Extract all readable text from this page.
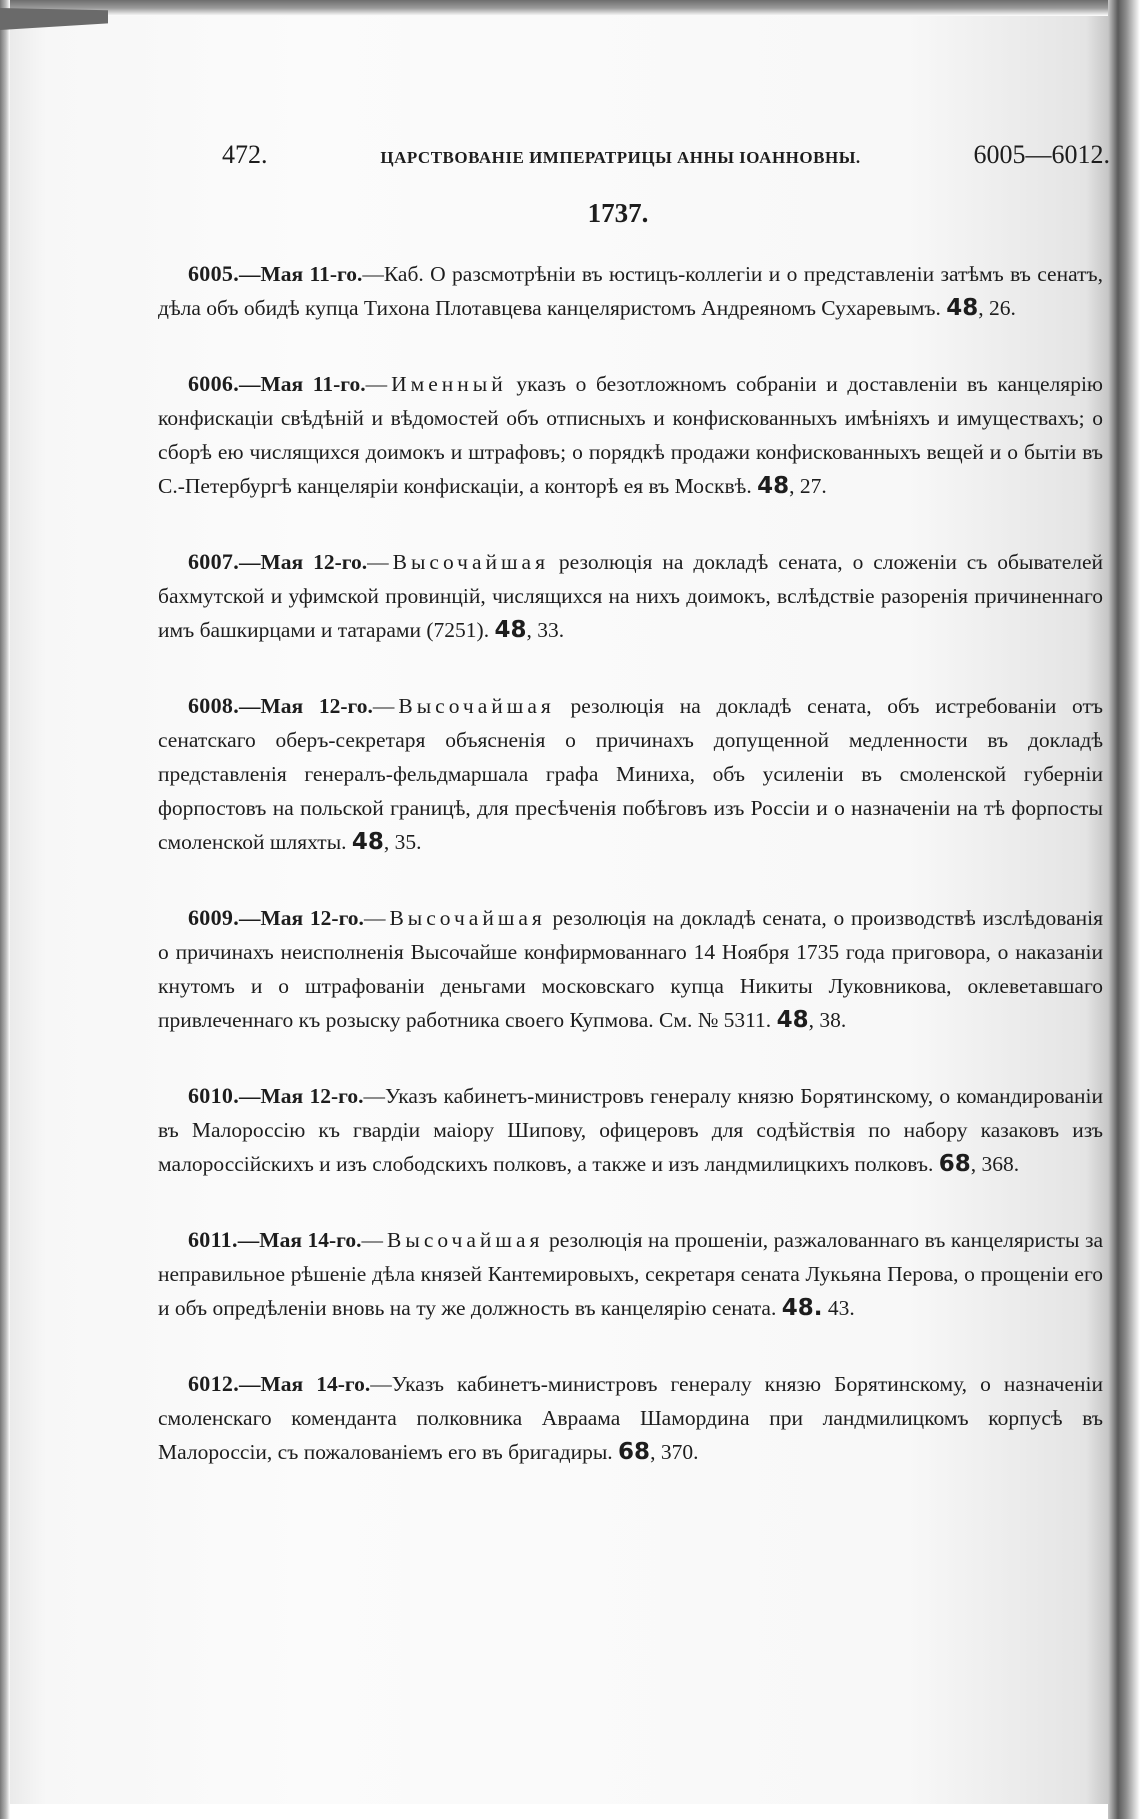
472.	ЦАРСТВОВАНІЕ ИМПЕРАТРИЦЫ АННЫ ІОАННОВНЫ.	6005—6012.
1737.
6005.—Мая 11-го.—Каб. О разсмотрѣніи въ юстицъ-коллегіи и о представленіи затѣмъ въ сенатъ, дѣла объ обидѣ купца Тихона Плотавцева канцеляристомъ Андреяномъ Сухаревымъ. 48, 26.
6006.—Мая 11-го.—Именный указъ о безотложномъ собраніи и доставленіи въ канцелярію конфискаціи свѣдѣній и вѣдомостей объ отписныхъ и конфискованныхъ имѣніяхъ и имуществахъ; о сборѣ ею числящихся доимокъ и штрафовъ; о порядкѣ продажи конфискованныхъ вещей и о бытіи въ С.-Петербургѣ канцеляріи конфискаціи, а конторѣ ея въ Москвѣ. 48, 27.
6007.—Мая 12-го.—Высочайшая резолюція на докладѣ сената, о сложеніи съ обывателей бахмутской и уфимской провинцій, числящихся на нихъ доимокъ, вслѣдствіе разоренія причиненнаго имъ башкирцами и татарами (7251). 48, 33.
6008.—Мая 12-го.—Высочайшая резолюція на докладѣ сената, объ истребованіи отъ сенатскаго оберъ-секретаря объясненія о причинахъ допущенной медленности въ докладѣ представленія генералъ-фельдмаршала графа Миниха, объ усиленіи въ смоленской губерніи форпостовъ на польской границѣ, для пресѣченія побѣговъ изъ Россіи и о назначеніи на тѣ форпосты смоленской шляхты. 48, 35.
6009.—Мая 12-го.—Высочайшая резолюція на докладѣ сената, о производствѣ изслѣдованія о причинахъ неисполненія Высочайше конфирмованнаго 14 Ноября 1735 года приговора, о наказаніи кнутомъ и о штрафованіи деньгами московскаго купца Никиты Луковникова, оклеветавшаго привлеченнаго къ розыску работника своего Купмова. См. № 5311. 48, 38.
6010.—Мая 12-го.—Указъ кабинетъ-министровъ генералу князю Борятинскому, о командированіи въ Малороссію къ гвардіи маіору Шипову, офицеровъ для содѣйствія по набору казаковъ изъ малороссійскихъ и изъ слободскихъ полковъ, а также и изъ ландмилицкихъ полковъ. 68, 368.
6011.—Мая 14-го.—Высочайшая резолюція на прошеніи, разжалованнаго въ канцеляристы за неправильное рѣшеніе дѣла князей Кантемировыхъ, секретаря сената Лукьяна Перова, о прощеніи его и объ опредѣленіи вновь на ту же должность въ канцелярію сената. 48. 43.
6012.—Мая 14-го.—Указъ кабинетъ-министровъ генералу князю Борятинскому, о назначеніи смоленскаго коменданта полковника Авраама Шамордина при ландмилицкомъ корпусѣ въ Малороссіи, съ пожалованіемъ его въ бригадиры. 68, 370.
